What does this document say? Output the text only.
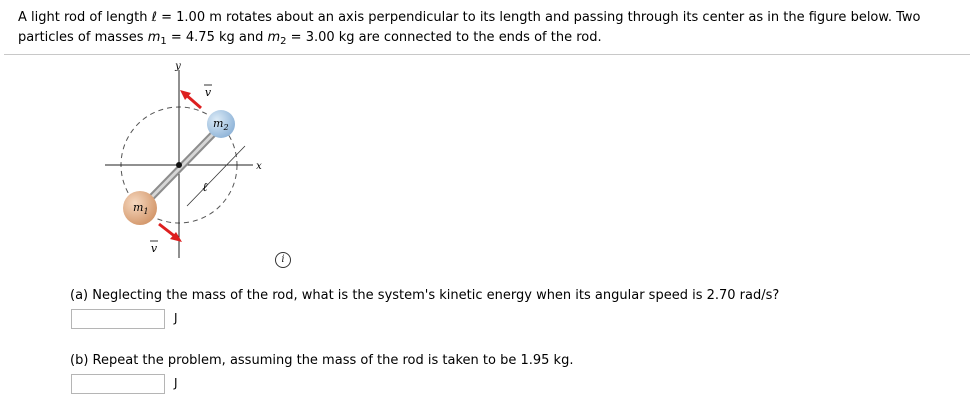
A light rod of length ℓ = 1.00 m rotates about an axis perpendicular to its length and passing through its center as in the figure below. Two particles of masses $m_1 = 4.75$ kg and $m_2 = 3.00$ kg are connected to the ends of the rod.
y
x
ℓ
$m_1$
$m_2$
v
v
i
(a) Neglecting the mass of the rod, what is the system's kinetic energy when its angular speed is 2.70 rad/s?
J
(b) Repeat the problem, assuming the mass of the rod is taken to be 1.95 kg.
J
